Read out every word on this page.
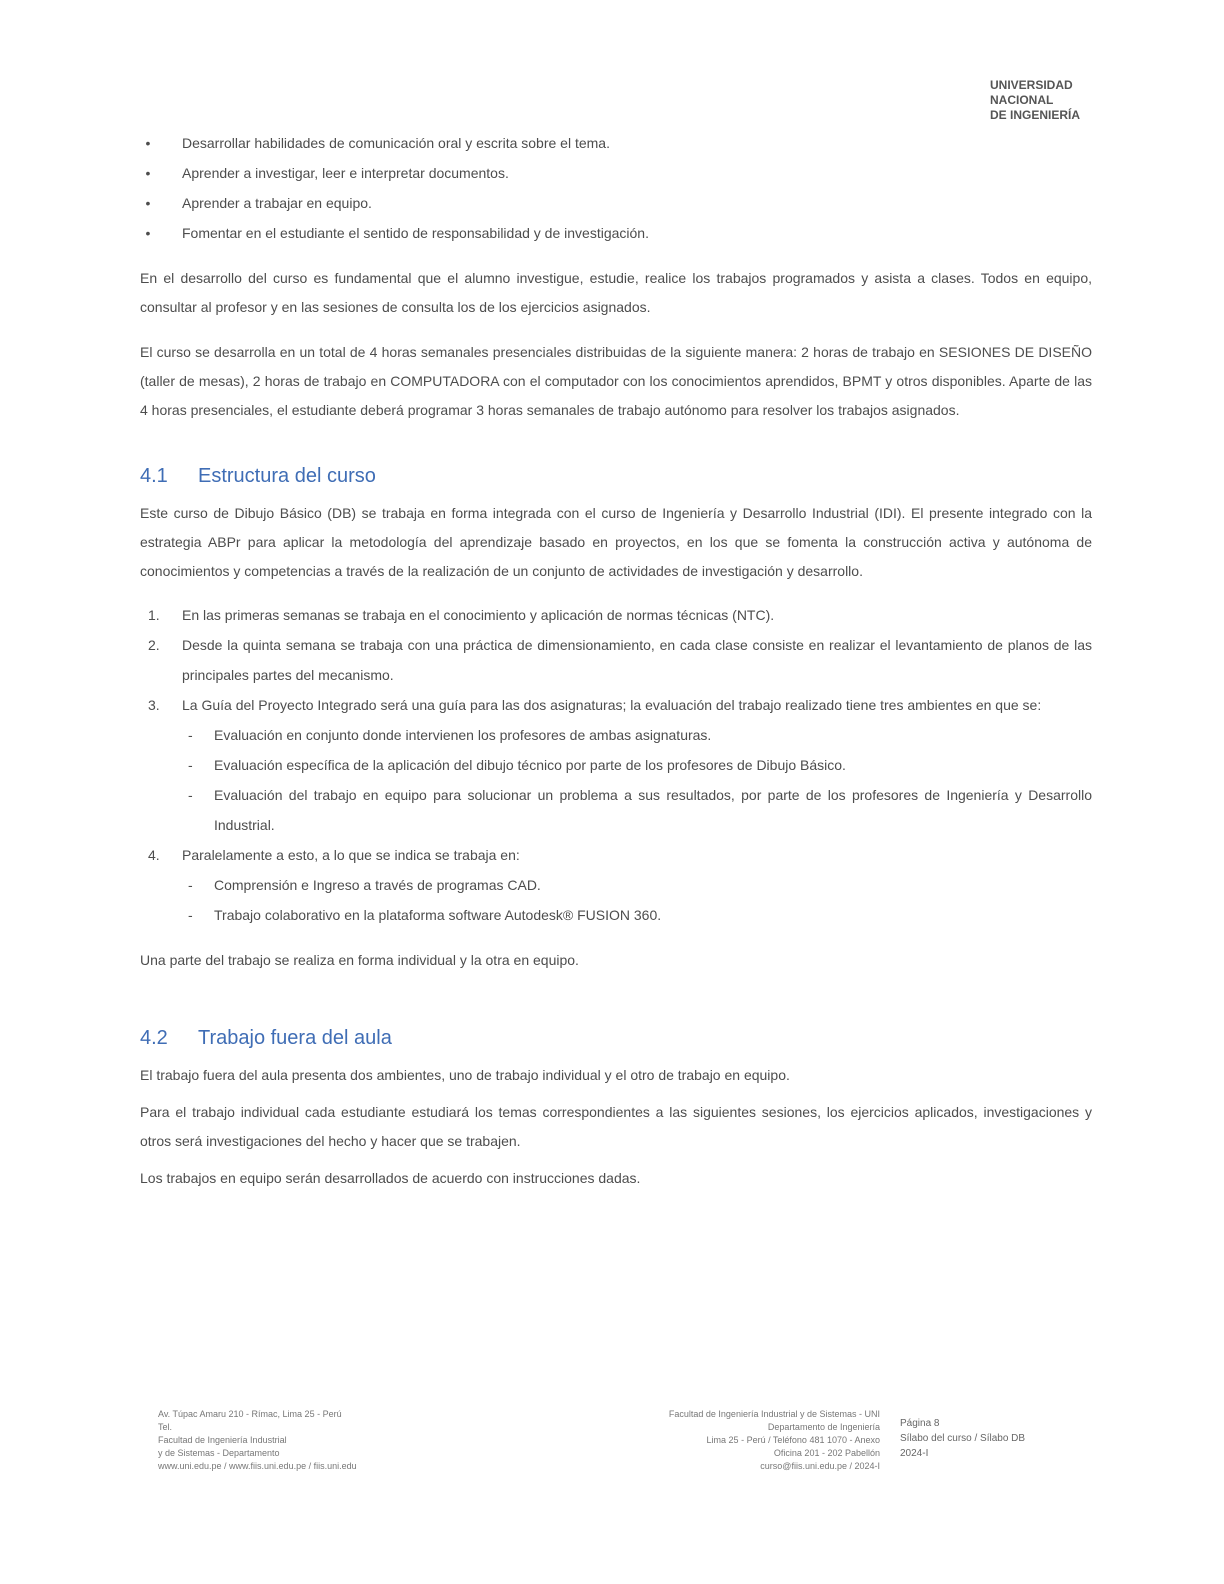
UNIVERSIDAD
NACIONAL
DE INGENIERÍA
• Desarrollar habilidades de comunicación oral y escrita sobre el tema.
• Aprender a investigar, leer e interpretar documentos.
• Aprender a trabajar en equipo.
• Fomentar en el estudiante el sentido de responsabilidad y de investigación.

En el desarrollo del curso es fundamental que el alumno investigue, estudie, realice los trabajos programados y asista a clases. Todos en equipo, consultar al profesor y en las sesiones de consulta los de los ejercicios asignados.

El curso se desarrolla en un total de 4 horas semanales presenciales distribuidas de la siguiente manera: 2 horas de trabajo en SESIONES DE DISEÑO (taller de mesas), 2 horas de trabajo en COMPUTADORA con el computador con los conocimientos aprendidos, BPMT y otros disponibles. Aparte de las 4 horas presenciales, el estudiante deberá programar 3 horas semanales de trabajo autónomo para resolver los trabajos asignados.

4.1 Estructura del curso

Este curso de Dibujo Básico (DB) se trabaja en forma integrada con el curso de Ingeniería y Desarrollo Industrial (IDI). El presente integrado con la estrategia ABPr para aplicar la metodología del aprendizaje basado en proyectos, en los que se fomenta la construcción activa y autónoma de conocimientos y competencias a través de la realización de un conjunto de actividades de investigación y desarrollo.

1. En las primeras semanas se trabaja en el conocimiento y aplicación de normas técnicas (NTC).
2. Desde la quinta semana se trabaja con una práctica de dimensionamiento, en cada clase consiste en realizar el levantamiento de planos de las principales partes del mecanismo.
3. La Guía del Proyecto Integrado será una guía para las dos asignaturas; la evaluación del trabajo realizado tiene tres ambientes en que se:
- Evaluación en conjunto donde intervienen los profesores de ambas asignaturas.
- Evaluación específica de la aplicación del dibujo técnico por parte de los profesores de Dibujo Básico.
- Evaluación del trabajo en equipo para solucionar un problema a sus resultados, por parte de los profesores de Ingeniería y Desarrollo Industrial.
4. Paralelamente a esto, a lo que se indica se trabaja en:
- Comprensión e Ingreso a través de programas CAD.
- Trabajo colaborativo en la plataforma software Autodesk® FUSION 360.

Una parte del trabajo se realiza en forma individual y la otra en equipo.

4.2 Trabajo fuera del aula

El trabajo fuera del aula presenta dos ambientes, uno de trabajo individual y el otro de trabajo en equipo.

Para el trabajo individual cada estudiante estudiará los temas correspondientes a las siguientes sesiones, los ejercicios aplicados, investigaciones y otros será investigaciones del hecho y hacer que se trabajen.

Los trabajos en equipo serán desarrollados de acuerdo con instrucciones dadas.

Av. Túpac Amaru 210 - Rímac, Lima 25 - Perú
Tel.
Facultad de Ingeniería Industrial
y de Sistemas - Departamento
www.uni.edu.pe / www.fiis.uni.edu.pe / fiis.uni.edu
Facultad de Ingeniería Industrial y de Sistemas - UNI
Departamento de Ingeniería
Lima 25 - Perú / Teléfono 481 1070 - Anexo
Oficina 201 - 202 Pabellón
curso@fiis.uni.edu.pe / 2024-I
Página 8
Sílabo del curso / Sílabo DB
2024-I
